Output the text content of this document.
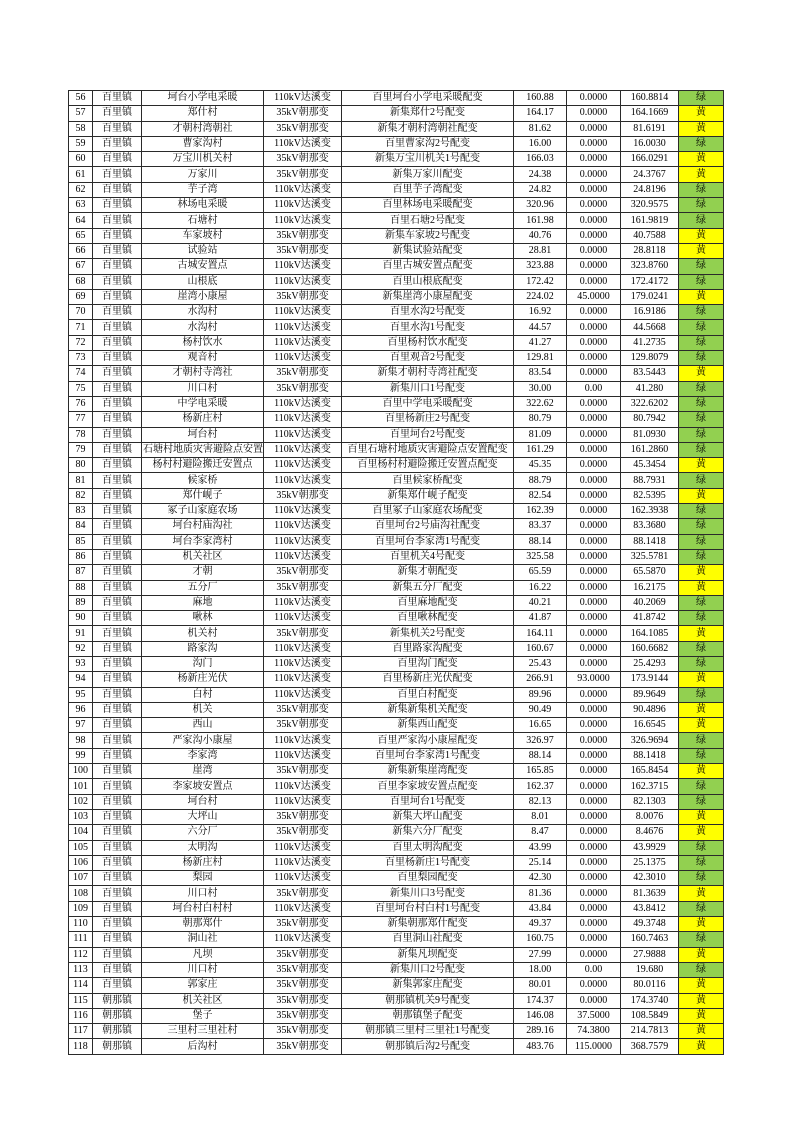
56	百里镇	坷台小学电采暖	110kV达溪变	百里坷台小学电采暖配变	160.88	0.0000	160.8814	绿
57	百里镇	郑什村	35kV朝那变	新集郑什2号配变	164.17	0.0000	164.1669	黄
58	百里镇	才朝村湾朝社	35kV朝那变	新集才朝村湾朝社配变	81.62	0.0000	81.6191	黄
59	百里镇	曹家沟村	110kV达溪变	百里曹家沟2号配变	16.00	0.0000	16.0030	绿
60	百里镇	万宝川机关村	35kV朝那变	新集万宝川机关1号配变	166.03	0.0000	166.0291	黄
61	百里镇	万家川	35kV朝那变	新集万家川配变	24.38	0.0000	24.3767	黄
62	百里镇	芋子湾	110kV达溪变	百里芋子湾配变	24.82	0.0000	24.8196	绿
63	百里镇	林场电采暖	110kV达溪变	百里林场电采暖配变	320.96	0.0000	320.9575	绿
64	百里镇	石塘村	110kV达溪变	百里石塘2号配变	161.98	0.0000	161.9819	绿
65	百里镇	车家坡村	35kV朝那变	新集车家坡2号配变	40.76	0.0000	40.7588	黄
66	百里镇	试验站	35kV朝那变	新集试验站配变	28.81	0.0000	28.8118	黄
67	百里镇	古城安置点	110kV达溪变	百里古城安置点配变	323.88	0.0000	323.8760	绿
68	百里镇	山根底	110kV达溪变	百里山根底配变	172.42	0.0000	172.4172	绿
69	百里镇	崖湾小康屋	35kV朝那变	新集崖湾小康屋配变	224.02	45.0000	179.0241	黄
70	百里镇	水沟村	110kV达溪变	百里水沟2号配变	16.92	0.0000	16.9186	绿
71	百里镇	水沟村	110kV达溪变	百里水沟1号配变	44.57	0.0000	44.5668	绿
72	百里镇	杨村饮水	110kV达溪变	百里杨村饮水配变	41.27	0.0000	41.2735	绿
73	百里镇	观音村	110kV达溪变	百里观音2号配变	129.81	0.0000	129.8079	绿
74	百里镇	才朝村寺湾社	35kV朝那变	新集才朝村寺湾社配变	83.54	0.0000	83.5443	黄
75	百里镇	川口村	35kV朝那变	新集川口1号配变	30.00	0.00	41.280	绿
76	百里镇	中学电采暖	110kV达溪变	百里中学电采暖配变	322.62	0.0000	322.6202	绿
77	百里镇	杨新庄村	110kV达溪变	百里杨新庄2号配变	80.79	0.0000	80.7942	绿
78	百里镇	坷台村	110kV达溪变	百里坷台2号配变	81.09	0.0000	81.0930	绿
79	百里镇	石塘村地质灾害避险点安置	110kV达溪变	百里石塘村地质灾害避险点安置配变	161.29	0.0000	161.2860	绿
80	百里镇	杨村村避险搬迁安置点	110kV达溪变	百里杨村村避险搬迁安置点配变	45.35	0.0000	45.3454	黄
81	百里镇	候家桥	110kV达溪变	百里候家桥配变	88.79	0.0000	88.7931	绿
82	百里镇	郑什岘子	35kV朝那变	新集郑什岘子配变	82.54	0.0000	82.5395	黄
83	百里镇	冢子山家庭农场	110kV达溪变	百里冢子山家庭农场配变	162.39	0.0000	162.3938	绿
84	百里镇	坷台村庙沟社	110kV达溪变	百里坷台2号庙沟社配变	83.37	0.0000	83.3680	绿
85	百里镇	坷台李家湾村	110kV达溪变	百里坷台李家湾1号配变	88.14	0.0000	88.1418	绿
86	百里镇	机关社区	110kV达溪变	百里机关4号配变	325.58	0.0000	325.5781	绿
87	百里镇	才朝	35kV朝那变	新集才朝配变	65.59	0.0000	65.5870	黄
88	百里镇	五分厂	35kV朝那变	新集五分厂配变	16.22	0.0000	16.2175	黄
89	百里镇	麻地	110kV达溪变	百里麻地配变	40.21	0.0000	40.2069	绿
90	百里镇	啾林	110kV达溪变	百里啾林配变	41.87	0.0000	41.8742	绿
91	百里镇	机关村	35kV朝那变	新集机关2号配变	164.11	0.0000	164.1085	黄
92	百里镇	路家沟	110kV达溪变	百里路家沟配变	160.67	0.0000	160.6682	绿
93	百里镇	沟门	110kV达溪变	百里沟门配变	25.43	0.0000	25.4293	绿
94	百里镇	杨新庄光伏	110kV达溪变	百里杨新庄光伏配变	266.91	93.0000	173.9144	黄
95	百里镇	白村	110kV达溪变	百里白村配变	89.96	0.0000	89.9649	绿
96	百里镇	机关	35kV朝那变	新集新集机关配变	90.49	0.0000	90.4896	黄
97	百里镇	西山	35kV朝那变	新集西山配变	16.65	0.0000	16.6545	黄
98	百里镇	严家沟小康屋	110kV达溪变	百里严家沟小康屋配变	326.97	0.0000	326.9694	绿
99	百里镇	李家湾	110kV达溪变	百里坷台李家湾1号配变	88.14	0.0000	88.1418	绿
100	百里镇	崖湾	35kV朝那变	新集新集崖湾配变	165.85	0.0000	165.8454	黄
101	百里镇	李家坡安置点	110kV达溪变	百里李家坡安置点配变	162.37	0.0000	162.3715	绿
102	百里镇	坷台村	110kV达溪变	百里坷台1号配变	82.13	0.0000	82.1303	绿
103	百里镇	大坪山	35kV朝那变	新集大坪山配变	8.01	0.0000	8.0076	黄
104	百里镇	六分厂	35kV朝那变	新集六分厂配变	8.47	0.0000	8.4676	黄
105	百里镇	太明沟	110kV达溪变	百里太明沟配变	43.99	0.0000	43.9929	绿
106	百里镇	杨新庄村	110kV达溪变	百里杨新庄1号配变	25.14	0.0000	25.1375	绿
107	百里镇	梨园	110kV达溪变	百里梨园配变	42.30	0.0000	42.3010	绿
108	百里镇	川口村	35kV朝那变	新集川口3号配变	81.36	0.0000	81.3639	黄
109	百里镇	坷台村白村村	110kV达溪变	百里坷台村白村1号配变	43.84	0.0000	43.8412	绿
110	百里镇	朝那郑什	35kV朝那变	新集朝那郑什配变	49.37	0.0000	49.3748	黄
111	百里镇	洞山社	110kV达溪变	百里洞山社配变	160.75	0.0000	160.7463	绿
112	百里镇	凡坝	35kV朝那变	新集凡坝配变	27.99	0.0000	27.9888	黄
113	百里镇	川口村	35kV朝那变	新集川口2号配变	18.00	0.00	19.680	绿
114	百里镇	郭家庄	35kV朝那变	新集郭家庄配变	80.01	0.0000	80.0116	黄
115	朝那镇	机关社区	35kV朝那变	朝那镇机关9号配变	174.37	0.0000	174.3740	黄
116	朝那镇	堡子	35kV朝那变	朝那镇堡子配变	146.08	37.5000	108.5849	黄
117	朝那镇	三里村三里社村	35kV朝那变	朝那镇三里村三里社1号配变	289.16	74.3800	214.7813	黄
118	朝那镇	后沟村	35kV朝那变	朝那镇后沟2号配变	483.76	115.0000	368.7579	黄
